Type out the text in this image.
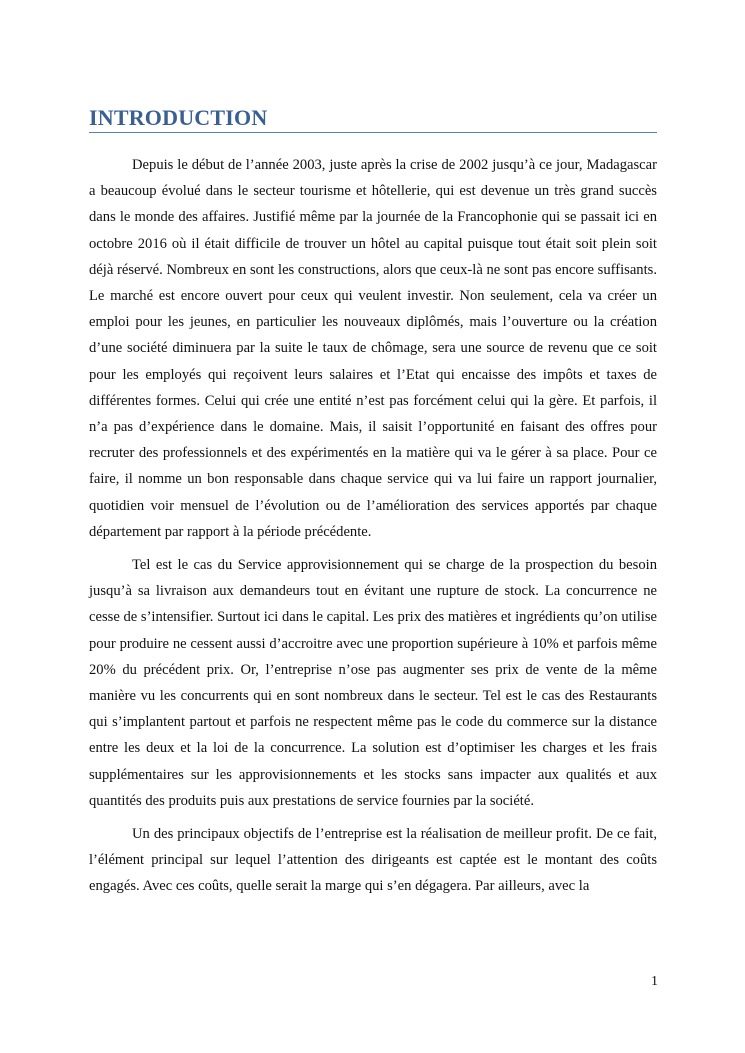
INTRODUCTION

Depuis le début de l’année 2003, juste après la crise de 2002 jusqu’à ce jour, Madagascar a beaucoup évolué dans le secteur tourisme et hôtellerie, qui est devenue un très grand succès dans le monde des affaires. Justifié même par la journée de la Francophonie qui se passait ici en octobre 2016 où il était difficile de trouver un hôtel au capital puisque tout était soit plein soit déjà réservé. Nombreux en sont les constructions, alors que ceux-là ne sont pas encore suffisants. Le marché est encore ouvert pour ceux qui veulent investir. Non seulement, cela va créer un emploi pour les jeunes, en particulier les nouveaux diplômés, mais l’ouverture ou la création d’une société diminuera par la suite le taux de chômage, sera une source de revenu que ce soit pour les employés qui reçoivent leurs salaires et l’Etat qui encaisse des impôts et taxes de différentes formes. Celui qui crée une entité n’est pas forcément celui qui la gère. Et parfois, il n’a pas d’expérience dans le domaine. Mais, il saisit l’opportunité en faisant des offres pour recruter des professionnels et des expérimentés en la matière qui va le gérer à sa place. Pour ce faire, il nomme un bon responsable dans chaque service qui va lui faire un rapport journalier, quotidien voir mensuel de l’évolution ou de l’amélioration des services apportés par chaque département par rapport à la période précédente.

Tel est le cas du Service approvisionnement qui se charge de la prospection du besoin jusqu’à sa livraison aux demandeurs tout en évitant une rupture de stock. La concurrence ne cesse de s’intensifier. Surtout ici dans le capital. Les prix des matières et ingrédients qu’on utilise pour produire ne cessent aussi d’accroitre avec une proportion supérieure à 10% et parfois même 20% du précédent prix. Or, l’entreprise n’ose pas augmenter ses prix de vente de la même manière vu les concurrents qui en sont nombreux dans le secteur. Tel est le cas des Restaurants qui s’implantent partout et parfois ne respectent même pas le code du commerce sur la distance entre les deux et la loi de la concurrence. La solution est d’optimiser les charges et les frais supplémentaires sur les approvisionnements et les stocks sans impacter aux qualités et aux quantités des produits puis aux prestations de service fournies par la société.

Un des principaux objectifs de l’entreprise est la réalisation de meilleur profit. De ce fait, l’élément principal sur lequel l’attention des dirigeants est captée est le montant des coûts engagés. Avec ces coûts, quelle serait la marge qui s’en dégagera. Par ailleurs, avec la

1
